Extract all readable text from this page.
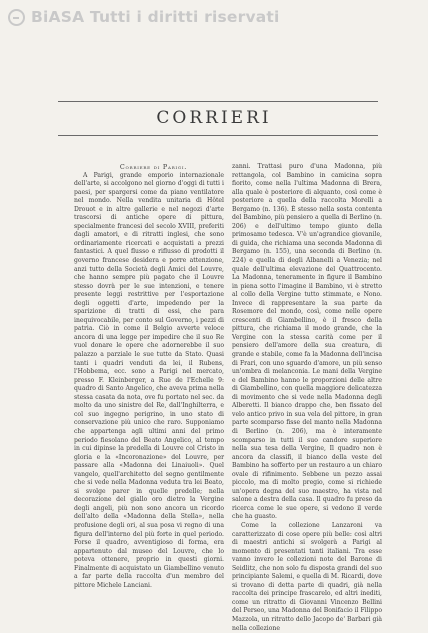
BiASA Tutti i diritti riservati
CORRIERI

Corriere di Parigi.

A Parigi, grande emporio internazionale dell'arte, si accolgono nel giorno d'oggi di tutti i paesi, per spargersi come da piano ventilatore nel mondo. Nella vendita unitaria di Hôtel Drouot e in altre gallerie e nel negozi d'arte trascorsi di antiche opere di pittura, specialmente francesi del secolo XVIII, preferiti dagli amatori, e di ritratti inglesi, che sono ordinariamente ricercati e acquistati a prezzi fantastici. A quel flusso e riflusso di prodotti il governo francese desidera e porre attenzione, anzi tutto della Società degli Amici del Louvre, che hanno sempre più pagato che il Louvre stesso dovrà per le sue intenzioni, e tenere presente leggi restrittive per l'esportazione degli oggetti d'arte, impedendo per la sparizione di tratti di essi, che para inequivocabile, per conto sul Governo, i pezzi di patria. Ciò in come il Belgio avverte veloce ancora di una legge per impedire che il suo Re vuol donare le opere che adornerebbe il suo palazzo a parziale le sue tutte da Stato. Quasi tanti i quadri venduti da lei, il Rubens, l'Hobbema, ecc. sono a Parigi nel mercato, presso F. Kleinberger, a Rue de l'Echelle 9: quadro di Santo Angelico, che aveva prima nella stessa casata da nota, ove fu portato nel sec. da molto da uno sinistre del Re, dall'Inghilterra, e col suo ingegno perigrino, in uno stato di conservazione più unico che raro. Supponiamo che appartenga agli ultimi anni del primo periodo fiesolano del Beato Angelico, al tempo in cui dipinse la predella di Louvre col Cristo in gloria e la «Incoronazione» del Louvre, per passare alla «Madonna dei Linaiuoli». Quel vangelo, quell'architetto del segno gentilmente che si vede nella Madonna veduta tra lei Beato, si svolge parer in quelle predelle; nella decorazione del giallo oro dietro la Vergine degli angeli, più non sono ancora un ricordo dell'alto della «Madonna della Stella», nella profusione degli ori, al sua posa vi regno di una figura dell'interno del più forte in quel periodo. Forse il quadro, avventigioso di forma, era appartenuto dal museo del Louvre, che lo poteva ottenere, proprio in questi giorni. Finalmente di acquistato un Giambellino venuto a far parte della raccolta d'un membro del pittore Michele Lanciani.

zanni. Trattasi puro d'una Madonna, più rettangola, col Bambino in camicina sopra fiorito, come nella l'ultima Madonna di Brera, alla quale è posteriore di alquanto, così come è posteriore a quella della raccolta Morelli a Bergamo (n. 136). È stesso nella sosta contenta del Bambino, più pensiero a quella di Berlino (n. 206) e dell'ultimo tempo giunto della primosamo tedesca. V'è un'agrandice giovanile, di guida, che richiama una seconda Madonna di Bergamo (n. 155), una seconda di Berlino (n. 224) e quella di degli Albanelli a Venezia; nel quale dell'ultima elevazione del Quattrocento. La Madonna, teneramente in figure il Bambino in piena sotto l'imagine il Bambino, vi è stretto al collo della Vergine tutto stimmate, e Nono. Invece di rappresentare la sua parte da Rosemore del mondo, così, come nelle opere crescenti di Giambellino, è il fresco della pittura, che richiama il modo grande, che la Vergine con la stessa carità come per il pensiero dell'amore della sua creatura, di grande e stabile, come fa la Madonna dell'incisa di Frari, con uno sguardo d'amore, un più senso un'ombra di melanconia. Le mani della Vergine e del Bambino hanno le proporzioni delle altre di Giambellino, con quella maggiore delicatezza di movimento che si vede nella Madonna degli Alberetti. Il bianco drappo che, ben fissato del velo antico privo in sua vela del pittore, in gran parte scomparso fisse del manto nella Madonna di Berlino (n. 206), ma è interamente scomparso in tutti il suo candore superiore nella sua tesa della Vergine, Il quadro non è ancora da classifi, il bianco della veste del Bambino ha sofferto per un restauro a un chiaro ovale di rifinimento. Sebbene un pezzo assai piccolo, ma di molto pregio, come si richiede un'opera degna del suo maestro, ha vista nel salone a destra della casa. Il quadro fu preso da ricerca come le sue opere, si vedono il verde che ha guasto.

Come la collezione Lanzaroni va caratterizzato di cose opere più belle: così altri di maestri antichi si svolgerà a Parigi al momento di presentati tanti italiani. Tra esse vanno invero le collezioni note del Barone di Seidlitz, che non solo fu disposta grandi del suo principiante Salemi, e quella di M. Ricardi, dove si trovano di detta parte di quadri, già nella raccolta dei principe frascarelo, ed altri inediti, come un ritratto di Giovanni Vincenzo Bellini del Perseo, una Madonna del Bonifacio il Filippo Mazzola, un ritratto dello Jacopo de' Barbari già nella collezione
